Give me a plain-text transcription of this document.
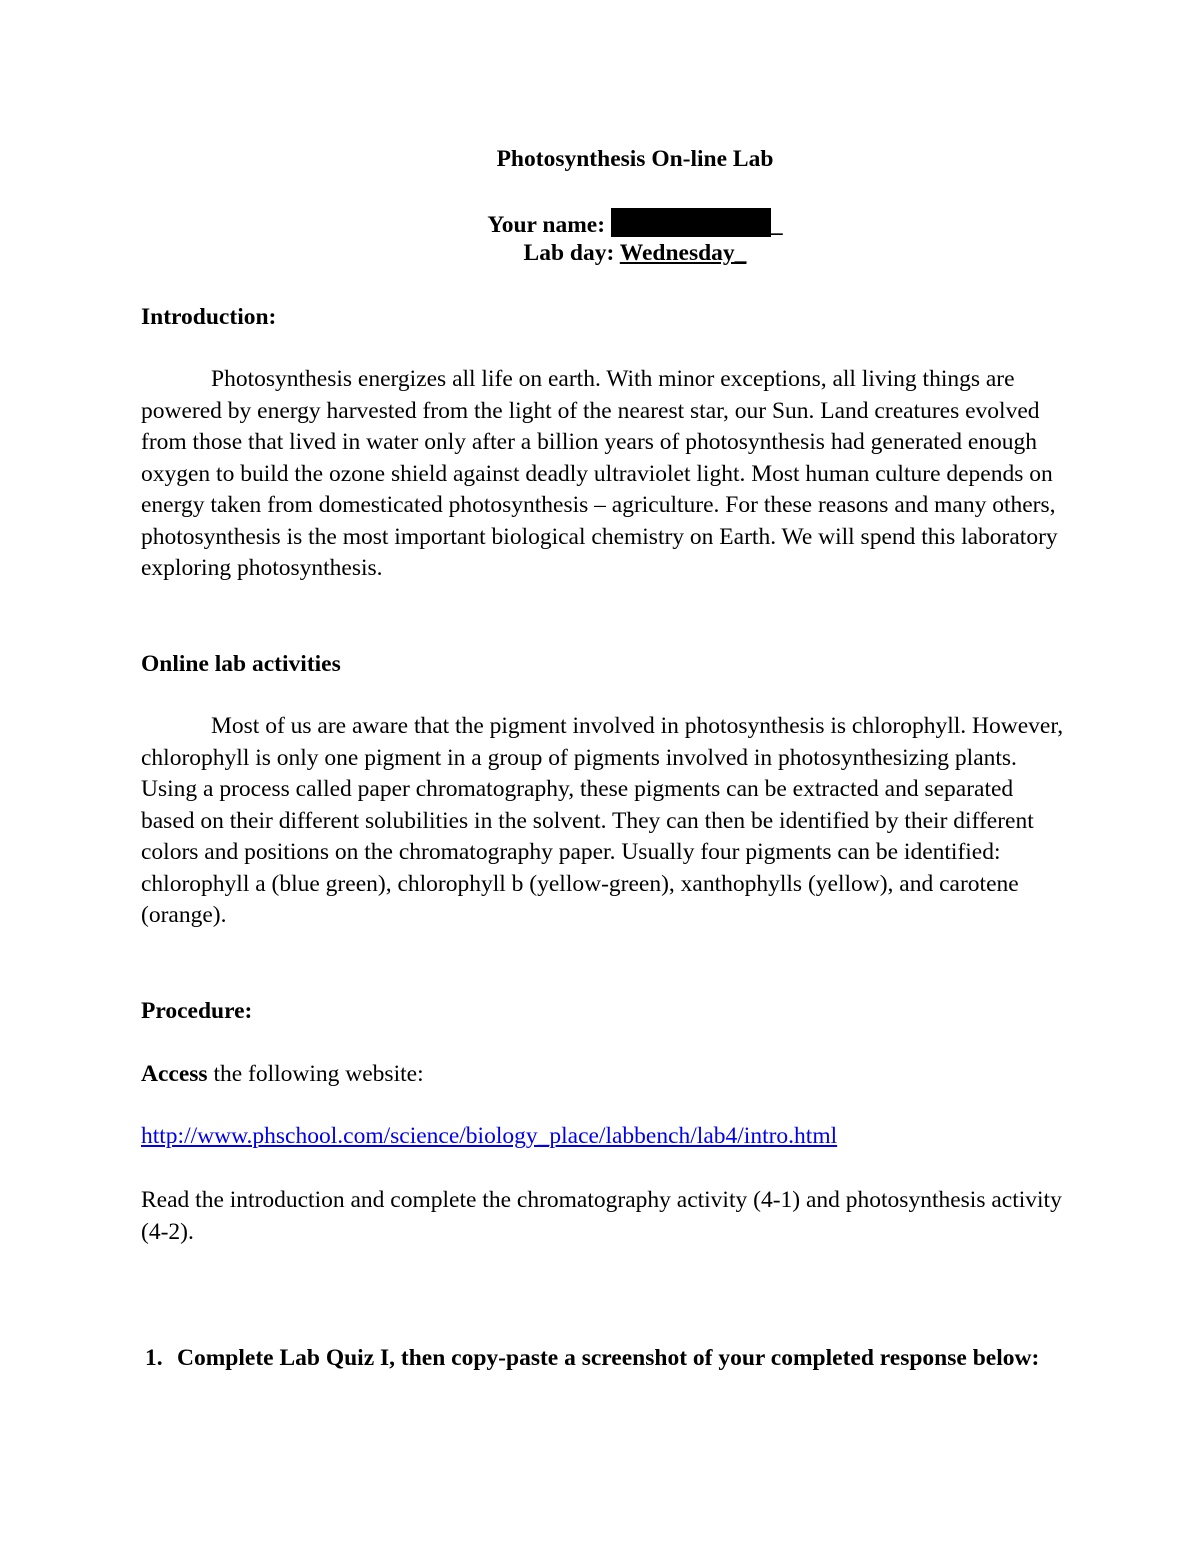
Photosynthesis On-line Lab

Your name:	_

Lab day: Wednesday_

Introduction:

Photosynthesis energizes all life on earth. With minor exceptions, all living things are powered by energy harvested from the light of the nearest star, our Sun. Land creatures evolved from those that lived in water only after a billion years of photosynthesis had generated enough oxygen to build the ozone shield against deadly ultraviolet light. Most human culture depends on energy taken from domesticated photosynthesis – agriculture. For these reasons and many others, photosynthesis is the most important biological chemistry on Earth. We will spend this laboratory exploring photosynthesis.

Online lab activities

Most of us are aware that the pigment involved in photosynthesis is chlorophyll. However, chlorophyll is only one pigment in a group of pigments involved in photosynthesizing plants. Using a process called paper chromatography, these pigments can be extracted and separated based on their different solubilities in the solvent. They can then be identified by their different colors and positions on the chromatography paper. Usually four pigments can be identified: chlorophyll a (blue green), chlorophyll b (yellow-green), xanthophylls (yellow), and carotene (orange).

Procedure:

Access the following website:

http://www.phschool.com/science/biology_place/labbench/lab4/intro.html

Read the introduction and complete the chromatography activity (4-1) and photosynthesis activity (4-2).

1. Complete Lab Quiz I, then copy-paste a screenshot of your completed response below:
